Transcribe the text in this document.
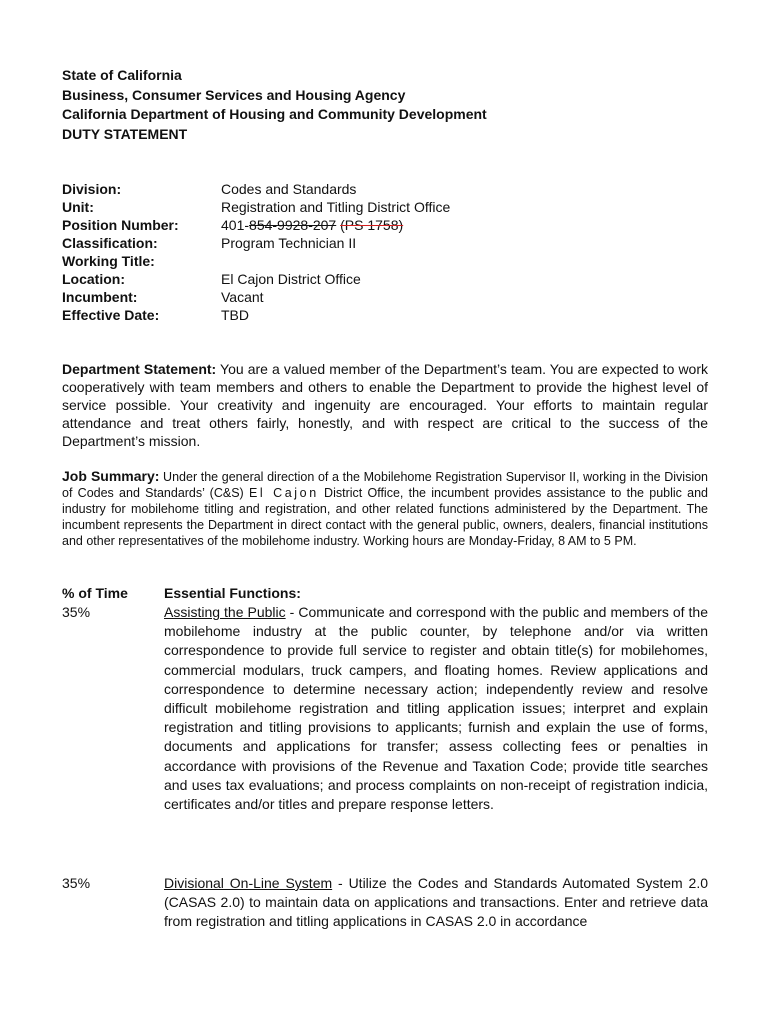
State of California
Business, Consumer Services and Housing Agency
California Department of Housing and Community Development
DUTY STATEMENT
Division:	Codes and Standards
Unit:	Registration and Titling District Office
Position Number:	401-854-9928-207 (PS 1758)
Classification:	Program Technician II
Working Title:
Location:	El Cajon District Office
Incumbent:	Vacant
Effective Date:	TBD
Department Statement: You are a valued member of the Department’s team. You are expected to work cooperatively with team members and others to enable the Department to provide the highest level of service possible. Your creativity and ingenuity are encouraged. Your efforts to maintain regular attendance and treat others fairly, honestly, and with respect are critical to the success of the Department’s mission.
Job Summary: Under the general direction of a the Mobilehome Registration Supervisor II, working in the Division of Codes and Standards’ (C&S) El Cajon District Office, the incumbent provides assistance to the public and industry for mobilehome titling and registration, and other related functions administered by the Department. The incumbent represents the Department in direct contact with the general public, owners, dealers, financial institutions and other representatives of the mobilehome industry. Working hours are Monday-Friday, 8 AM to 5 PM.
% of Time	Essential Functions:
35%	Assisting the Public - Communicate and correspond with the public and members of the mobilehome industry at the public counter, by telephone and/or via written correspondence to provide full service to register and obtain title(s) for mobilehomes, commercial modulars, truck campers, and floating homes. Review applications and correspondence to determine necessary action; independently review and resolve difficult mobilehome registration and titling application issues; interpret and explain registration and titling provisions to applicants; furnish and explain the use of forms, documents and applications for transfer; assess collecting fees or penalties in accordance with provisions of the Revenue and Taxation Code; provide title searches and uses tax evaluations; and process complaints on non-receipt of registration indicia, certificates and/or titles and prepare response letters.
35%	Divisional On-Line System - Utilize the Codes and Standards Automated System 2.0 (CASAS 2.0) to maintain data on applications and transactions. Enter and retrieve data from registration and titling applications in CASAS 2.0 in accordance
